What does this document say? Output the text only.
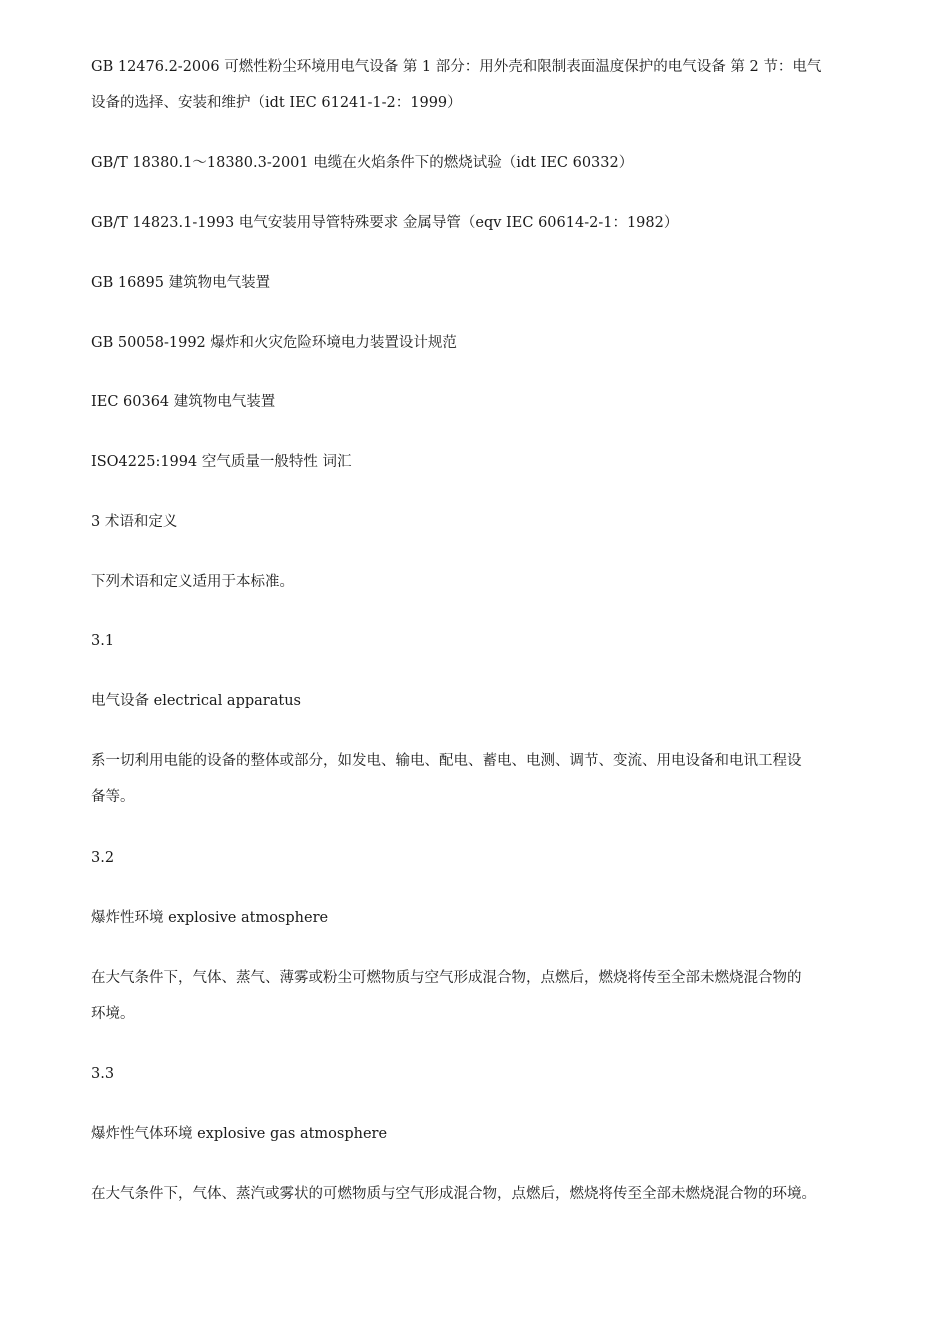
GB 12476.2-2006 可燃性粉尘环境用电气设备 第 1 部分：用外壳和限制表面温度保护的电气设备 第 2 节：电气
设备的选择、安装和维护（idt IEC 61241-1-2：1999）
GB/T 18380.1～18380.3-2001 电缆在火焰条件下的燃烧试验（idt IEC 60332）
GB/T 14823.1-1993 电气安装用导管特殊要求 金属导管（eqv IEC 60614-2-1：1982）
GB 16895 建筑物电气装置
GB 50058-1992 爆炸和火灾危险环境电力装置设计规范
IEC 60364 建筑物电气装置
ISO4225:1994 空气质量一般特性 词汇
3 术语和定义
下列术语和定义适用于本标准。
3.1
电气设备 electrical apparatus
系一切利用电能的设备的整体或部分，如发电、输电、配电、蓄电、电测、调节、变流、用电设备和电讯工程设
备等。
3.2
爆炸性环境 explosive atmosphere
在大气条件下，气体、蒸气、薄雾或粉尘可燃物质与空气形成混合物，点燃后，燃烧将传至全部未燃烧混合物的
环境。
3.3
爆炸性气体环境 explosive gas atmosphere
在大气条件下，气体、蒸汽或雾状的可燃物质与空气形成混合物，点燃后，燃烧将传至全部未燃烧混合物的环境。
